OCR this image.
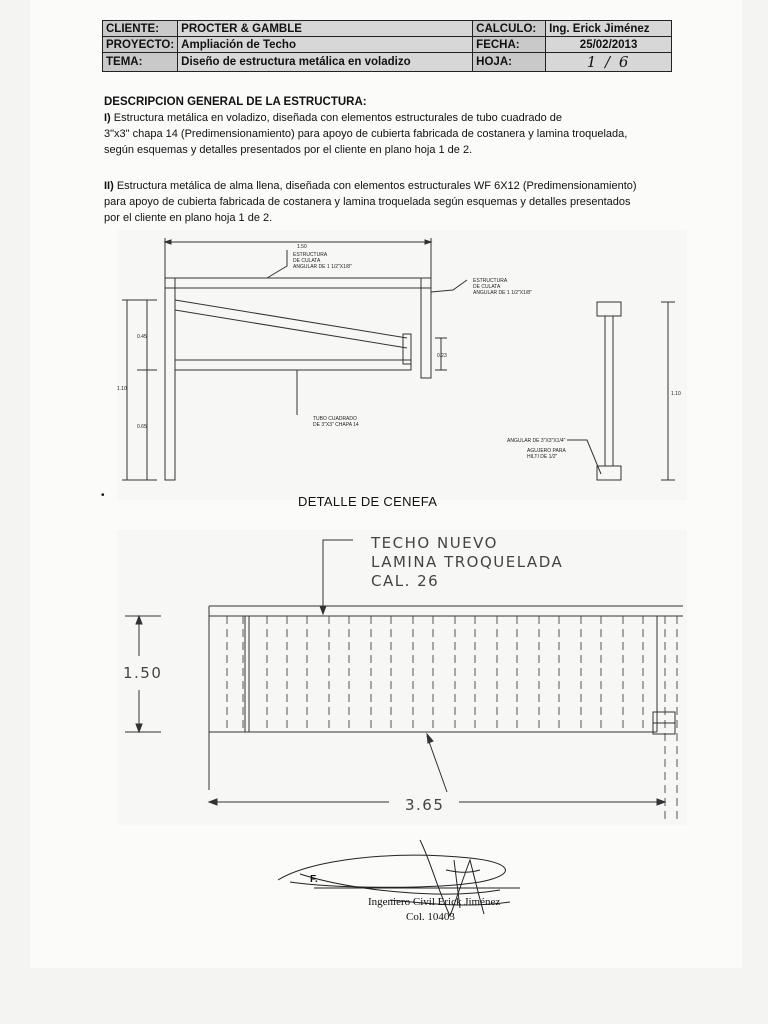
CLIENTE:	PROCTER & GAMBLE	CALCULO:	Ing. Erick Jiménez
PROYECTO:	Ampliación de Techo	FECHA:	25/02/2013
TEMA:	Diseño de estructura metálica en voladizo	HOJA:	1 / 6
DESCRIPCION GENERAL DE LA ESTRUCTURA:
I) Estructura metálica en voladizo, diseñada con elementos estructurales de tubo cuadrado de
3"x3" chapa 14 (Predimensionamiento) para apoyo de cubierta fabricada de costanera y lamina troquelada,
según esquemas y detalles presentados por el cliente en plano hoja 1 de 2.
II) Estructura metálica de alma llena, diseñada con elementos estructurales WF 6X12 (Predimensionamiento)
para apoyo de cubierta fabricada de costanera y lamina troquelada según esquemas y detalles presentados
por el cliente en plano hoja 1 de 2.
1.50
ESTRUCTURA
DE CULATA
ANGULAR DE 1 1/2"X1/8"
ESTRUCTURA
DE CULATA
ANGULAR DE 1 1/2"X1/8"
0.45
1.10
0.65
0.23
TUBO CUADRADO
DE 3"X3" CHAPA 14
1.10
ANGULAR DE 3"X3"X1/4"
AGUJERO PARA
HILTI DE 1/2"
•	DETALLE DE CENEFA
TECHO NUEVO
LAMINA TROQUELADA
CAL. 26
1.50
3.65
F.
Ingeniero Civil Erick Jiménez
Col. 10403
